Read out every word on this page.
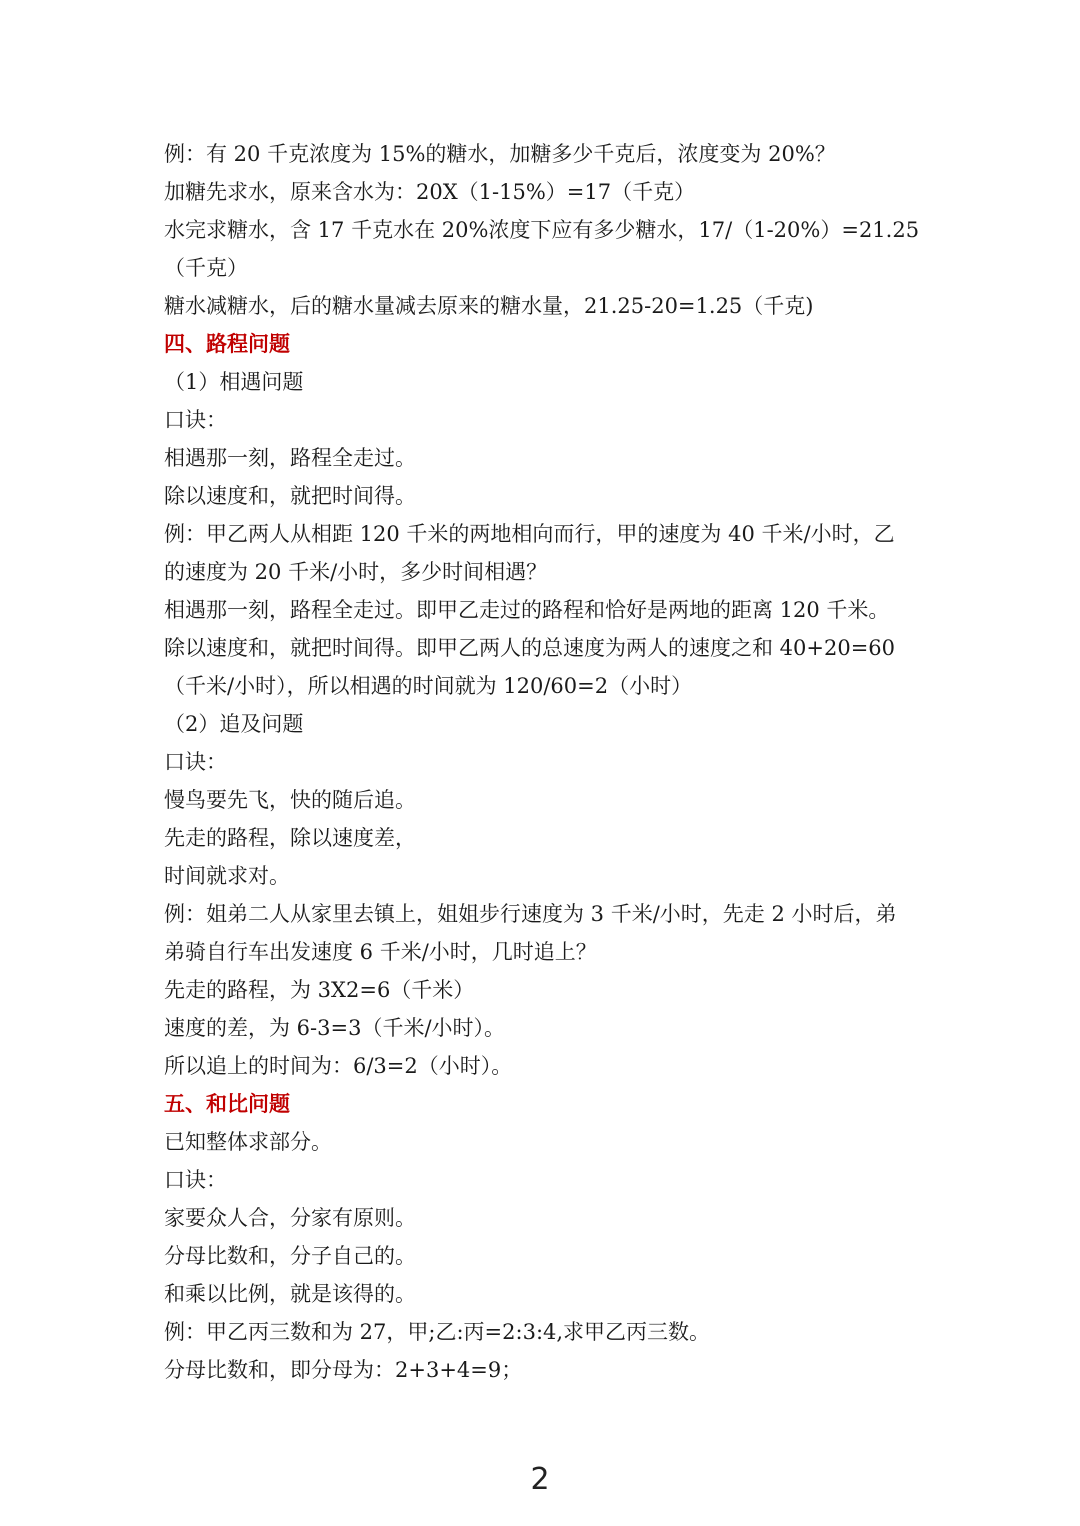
例：有 20 千克浓度为 15%的糖水，加糖多少千克后，浓度变为 20%？
加糖先求水，原来含水为：20X（1-15%）=17（千克）
水完求糖水，含 17 千克水在 20%浓度下应有多少糖水，17/（1-20%）=21.25
（千克）
糖水减糖水，后的糖水量减去原来的糖水量，21.25-20=1.25（千克)
四、路程问题
（1）相遇问题
口诀：
相遇那一刻，路程全走过。
除以速度和，就把时间得。
例：甲乙两人从相距 120 千米的两地相向而行，甲的速度为 40 千米/小时，乙
的速度为 20 千米/小时，多少时间相遇？
相遇那一刻，路程全走过。即甲乙走过的路程和恰好是两地的距离 120 千米。
除以速度和，就把时间得。即甲乙两人的总速度为两人的速度之和 40+20=60
（千米/小时），所以相遇的时间就为 120/60=2（小时）
（2）追及问题
口诀：
慢鸟要先飞，快的随后追。
先走的路程，除以速度差，
时间就求对。
例：姐弟二人从家里去镇上，姐姐步行速度为 3 千米/小时，先走 2 小时后，弟
弟骑自行车出发速度 6 千米/小时，几时追上？
先走的路程，为 3X2=6（千米）
速度的差，为 6-3=3（千米/小时）。
所以追上的时间为：6/3=2（小时）。
五、和比问题
已知整体求部分。
口诀：
家要众人合，分家有原则。
分母比数和，分子自己的。
和乘以比例，就是该得的。
例：甲乙丙三数和为 27，甲;乙:丙=2:3:4,求甲乙丙三数。
分母比数和，即分母为：2+3+4=9；
2
